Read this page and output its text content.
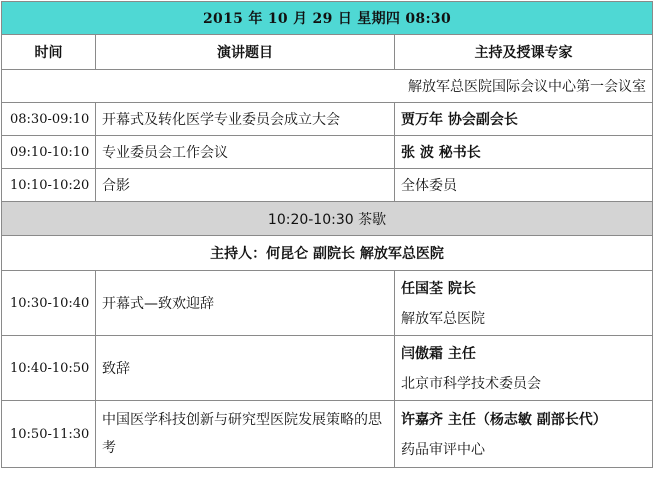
2015 年 10 月 29 日 星期四 08:30		
时间	演讲题目	主持及授课专家
解放军总医院国际会议中心第一会议室		
08:30-09:10	开幕式及转化医学专业委员会成立大会	贾万年 协会副会长
09:10-10:10	专业委员会工作会议	张 波 秘书长
10:10-10:20	合影	全体委员
10:20-10:30 茶歇		
主持人：何昆仑 副院长 解放军总医院		
10:30-10:40	开幕式—致欢迎辞	任国荃 院长
解放军总医院

10:40-10:50	致辞	闫傲霜 主任
北京市科学技术委员会

10:50-11:30	中国医学科技创新与研究型医院发展策略的思考	许嘉齐 主任（杨志敏 副部长代）
药品审评中心
